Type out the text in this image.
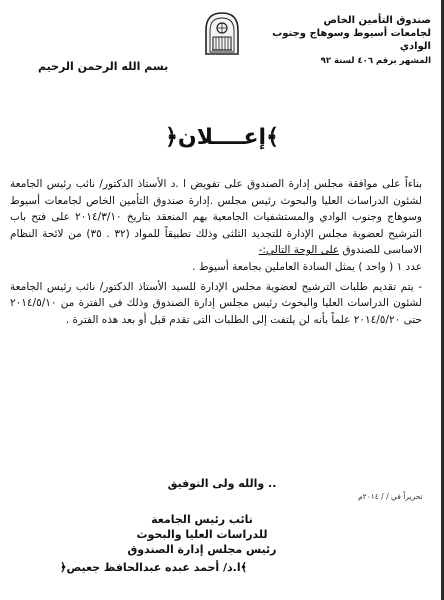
صندوق التأمين الخاص
لجامعات أسيوط وسوهاج وجنوب الوادي
المشهر برقم ٤٠٦ لسنة ٩٢
بسم الله الرحمن الرحيم
﴿إعــــلان﴾

بناءاً على موافقة مجلس إدارة الصندوق على تفويض ا .د الأستاذ الدكتور/ نائب رئيس الجامعة لشئون الدراسات العليا والبحوث رئيس مجلس .إدارة صندوق التأمين الخاص لجامعات أسيوط وسوهاج وجنوب الوادي والمستشفيات الجامعية بهم المنعقد بتاريخ ٢٠١٤/٣/١٠ على فتح باب الترشيح لعضوية مجلس الإدارة للتجديد الثلثى وذلك تطبيقاً للمواد (٣٢ . ٣٥) من لائحة النظام الاساسى للصندوق على الوجة التالي:-

عدد ١ ( واحد ) يمثل السادة العاملين بجامعة أسيوط .

- يتم تقديم طلبات الترشيح لعضوية مجلس الإدارة للسيد الأستاذ الدكتور/ نائب رئيس الجامعة لشئون الدراسات العليا والبحوث رئيس مجلس إدارة الصندوق وذلك فى الفترة من ٢٠١٤/٥/١٠ حتى ٢٠١٤/٥/٢٠ علماً بأنه لن يلتفت إلى الطلبات التى تقدم قبل أو بعد هذه الفترة .

والله ولى التوفيق ..
تحريراً في / / ٢٠١٤م
نائب رئيس الجامعة
للدراسات العليا والبحوث
رئيس مجلس إدارة الصندوق
﴿ا.د/ أحمد عبده عبدالحافظ جعيص﴾
